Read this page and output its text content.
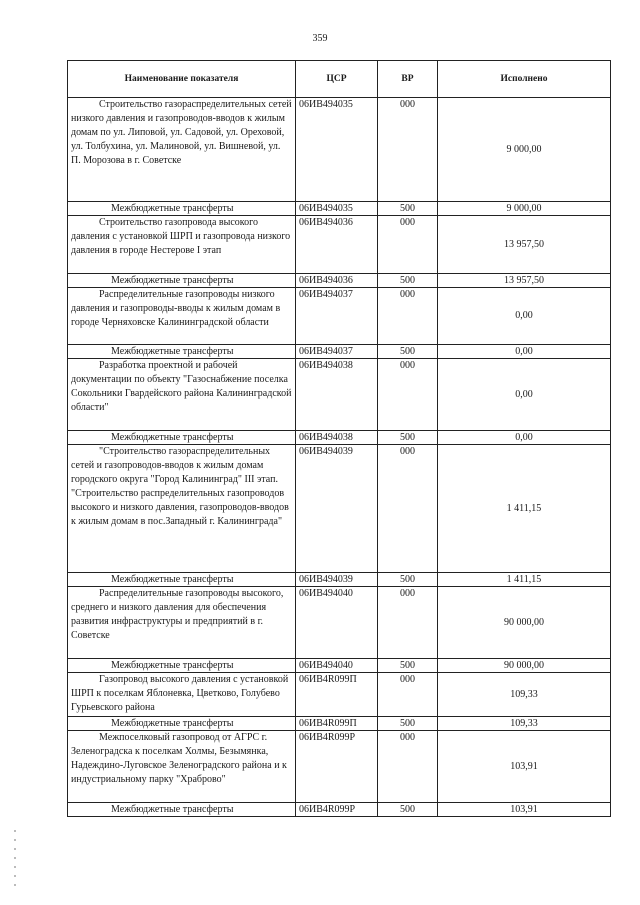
359
Наименование показателя	ЦСР	ВР	Исполнено
Строительство газораспределительных сетей низкого давления и газопроводов-вводов к жилым домам по ул. Липовой, ул. Садовой, ул. Ореховой, ул. Толбухина, ул. Малиновой, ул. Вишневой, ул. П. Морозова в г. Советске	06ИВ494035	000	9 000,00
Межбюджетные трансферты	06ИВ494035	500	9 000,00
Строительство газопровода высокого давления с установкой ШРП и газопровода низкого давления в городе Нестерове I этап	06ИВ494036	000	13 957,50
Межбюджетные трансферты	06ИВ494036	500	13 957,50
Распределительные газопроводы низкого давления и газопроводы-вводы к жилым домам в городе Черняховске Калининградской области	06ИВ494037	000	0,00
Межбюджетные трансферты	06ИВ494037	500	0,00
Разработка проектной и рабочей документации по объекту "Газоснабжение поселка Сокольники Гвардейского района Калининградской области"	06ИВ494038	000	0,00
Межбюджетные трансферты	06ИВ494038	500	0,00
"Строительство газораспределительных сетей и газопроводов-вводов к жилым домам городского округа "Город Калининград" III этап. "Строительство распределительных газопроводов высокого и низкого давления, газопроводов-вводов к жилым домам в пос.Западный г. Калининграда"	06ИВ494039	000	1 411,15
Межбюджетные трансферты	06ИВ494039	500	1 411,15
Распределительные газопроводы высокого, среднего и низкого давления для обеспечения развития инфраструктуры и предприятий в г. Советске	06ИВ494040	000	90 000,00
Межбюджетные трансферты	06ИВ494040	500	90 000,00
Газопровод высокого давления с установкой ШРП к поселкам Яблоневка, Цветково, Голубево Гурьевского района	06ИВ4R099П	000	109,33
Межбюджетные трансферты	06ИВ4R099П	500	109,33
Межпоселковый газопровод от АГРС г. Зеленоградска к поселкам Холмы, Безымянка, Надеждино-Луговское Зеленоградского района и к индустриальному парку "Храброво"	06ИВ4R099Р	000	103,91
Межбюджетные трансферты	06ИВ4R099Р	500	103,91
